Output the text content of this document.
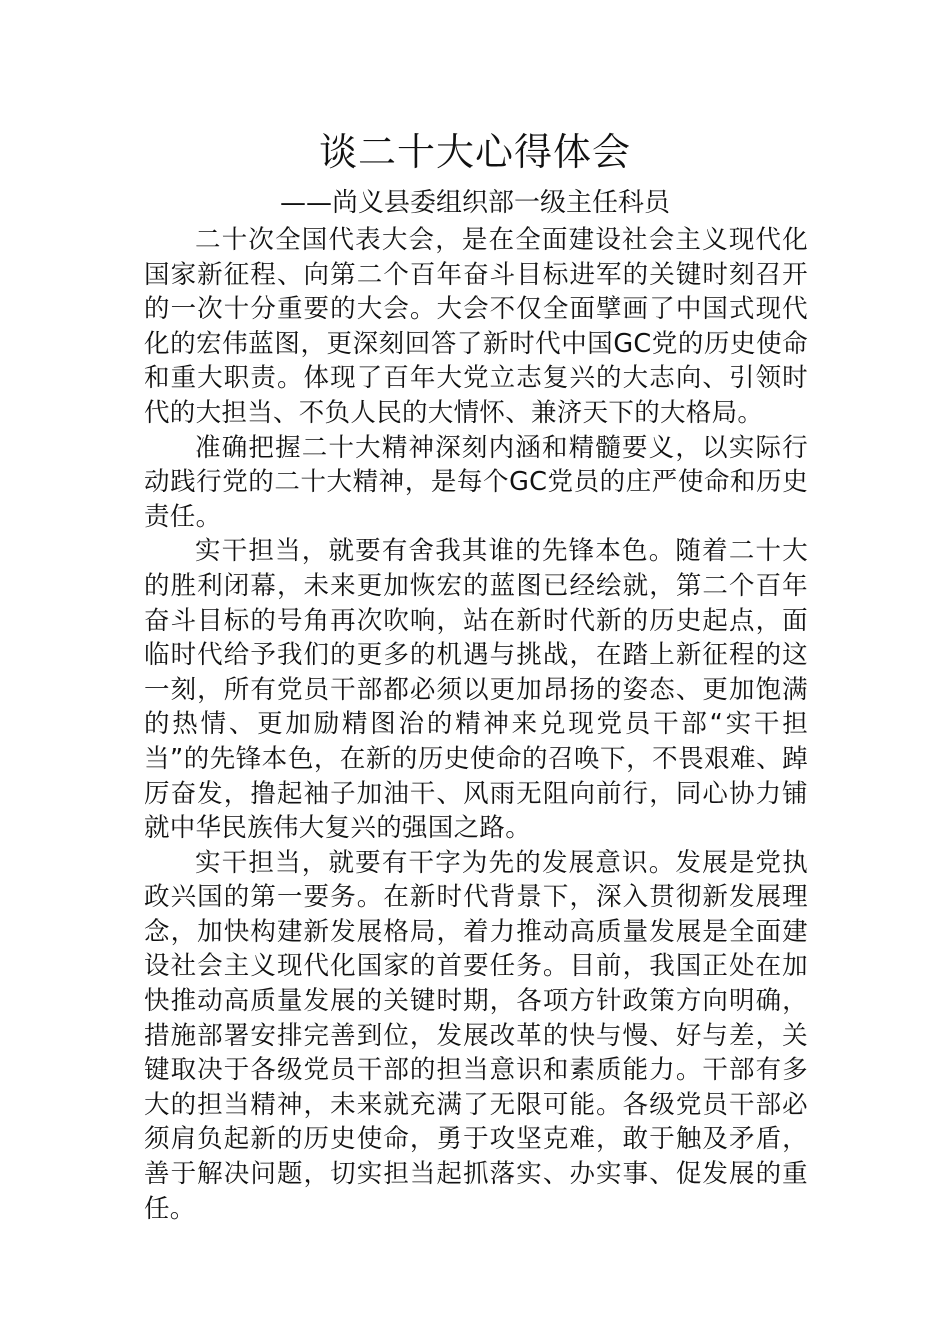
谈二十大心得体会
——尚义县委组织部一级主任科员

二十次全国代表大会，是在全面建设社会主义现代化国家新征程、向第二个百年奋斗目标进军的关键时刻召开的一次十分重要的大会。大会不仅全面擘画了中国式现代化的宏伟蓝图，更深刻回答了新时代中国GC党的历史使命和重大职责。体现了百年大党立志复兴的大志向、引领时代的大担当、不负人民的大情怀、兼济天下的大格局。

准确把握二十大精神深刻内涵和精髓要义，以实际行动践行党的二十大精神，是每个GC党员的庄严使命和历史责任。

实干担当，就要有舍我其谁的先锋本色。随着二十大的胜利闭幕，未来更加恢宏的蓝图已经绘就，第二个百年奋斗目标的号角再次吹响，站在新时代新的历史起点，面临时代给予我们的更多的机遇与挑战，在踏上新征程的这一刻，所有党员干部都必须以更加昂扬的姿态、更加饱满的热情、更加励精图治的精神来兑现党员干部“实干担当”的先锋本色，在新的历史使命的召唤下，不畏艰难、踔厉奋发，撸起袖子加油干、风雨无阻向前行，同心协力铺就中华民族伟大复兴的强国之路。

实干担当，就要有干字为先的发展意识。发展是党执政兴国的第一要务。在新时代背景下，深入贯彻新发展理念，加快构建新发展格局，着力推动高质量发展是全面建设社会主义现代化国家的首要任务。目前，我国正处在加快推动高质量发展的关键时期，各项方针政策方向明确，措施部署安排完善到位，发展改革的快与慢、好与差，关键取决于各级党员干部的担当意识和素质能力。干部有多大的担当精神，未来就充满了无限可能。各级党员干部必须肩负起新的历史使命，勇于攻坚克难，敢于触及矛盾，善于解决问题，切实担当起抓落实、办实事、促发展的重任。
